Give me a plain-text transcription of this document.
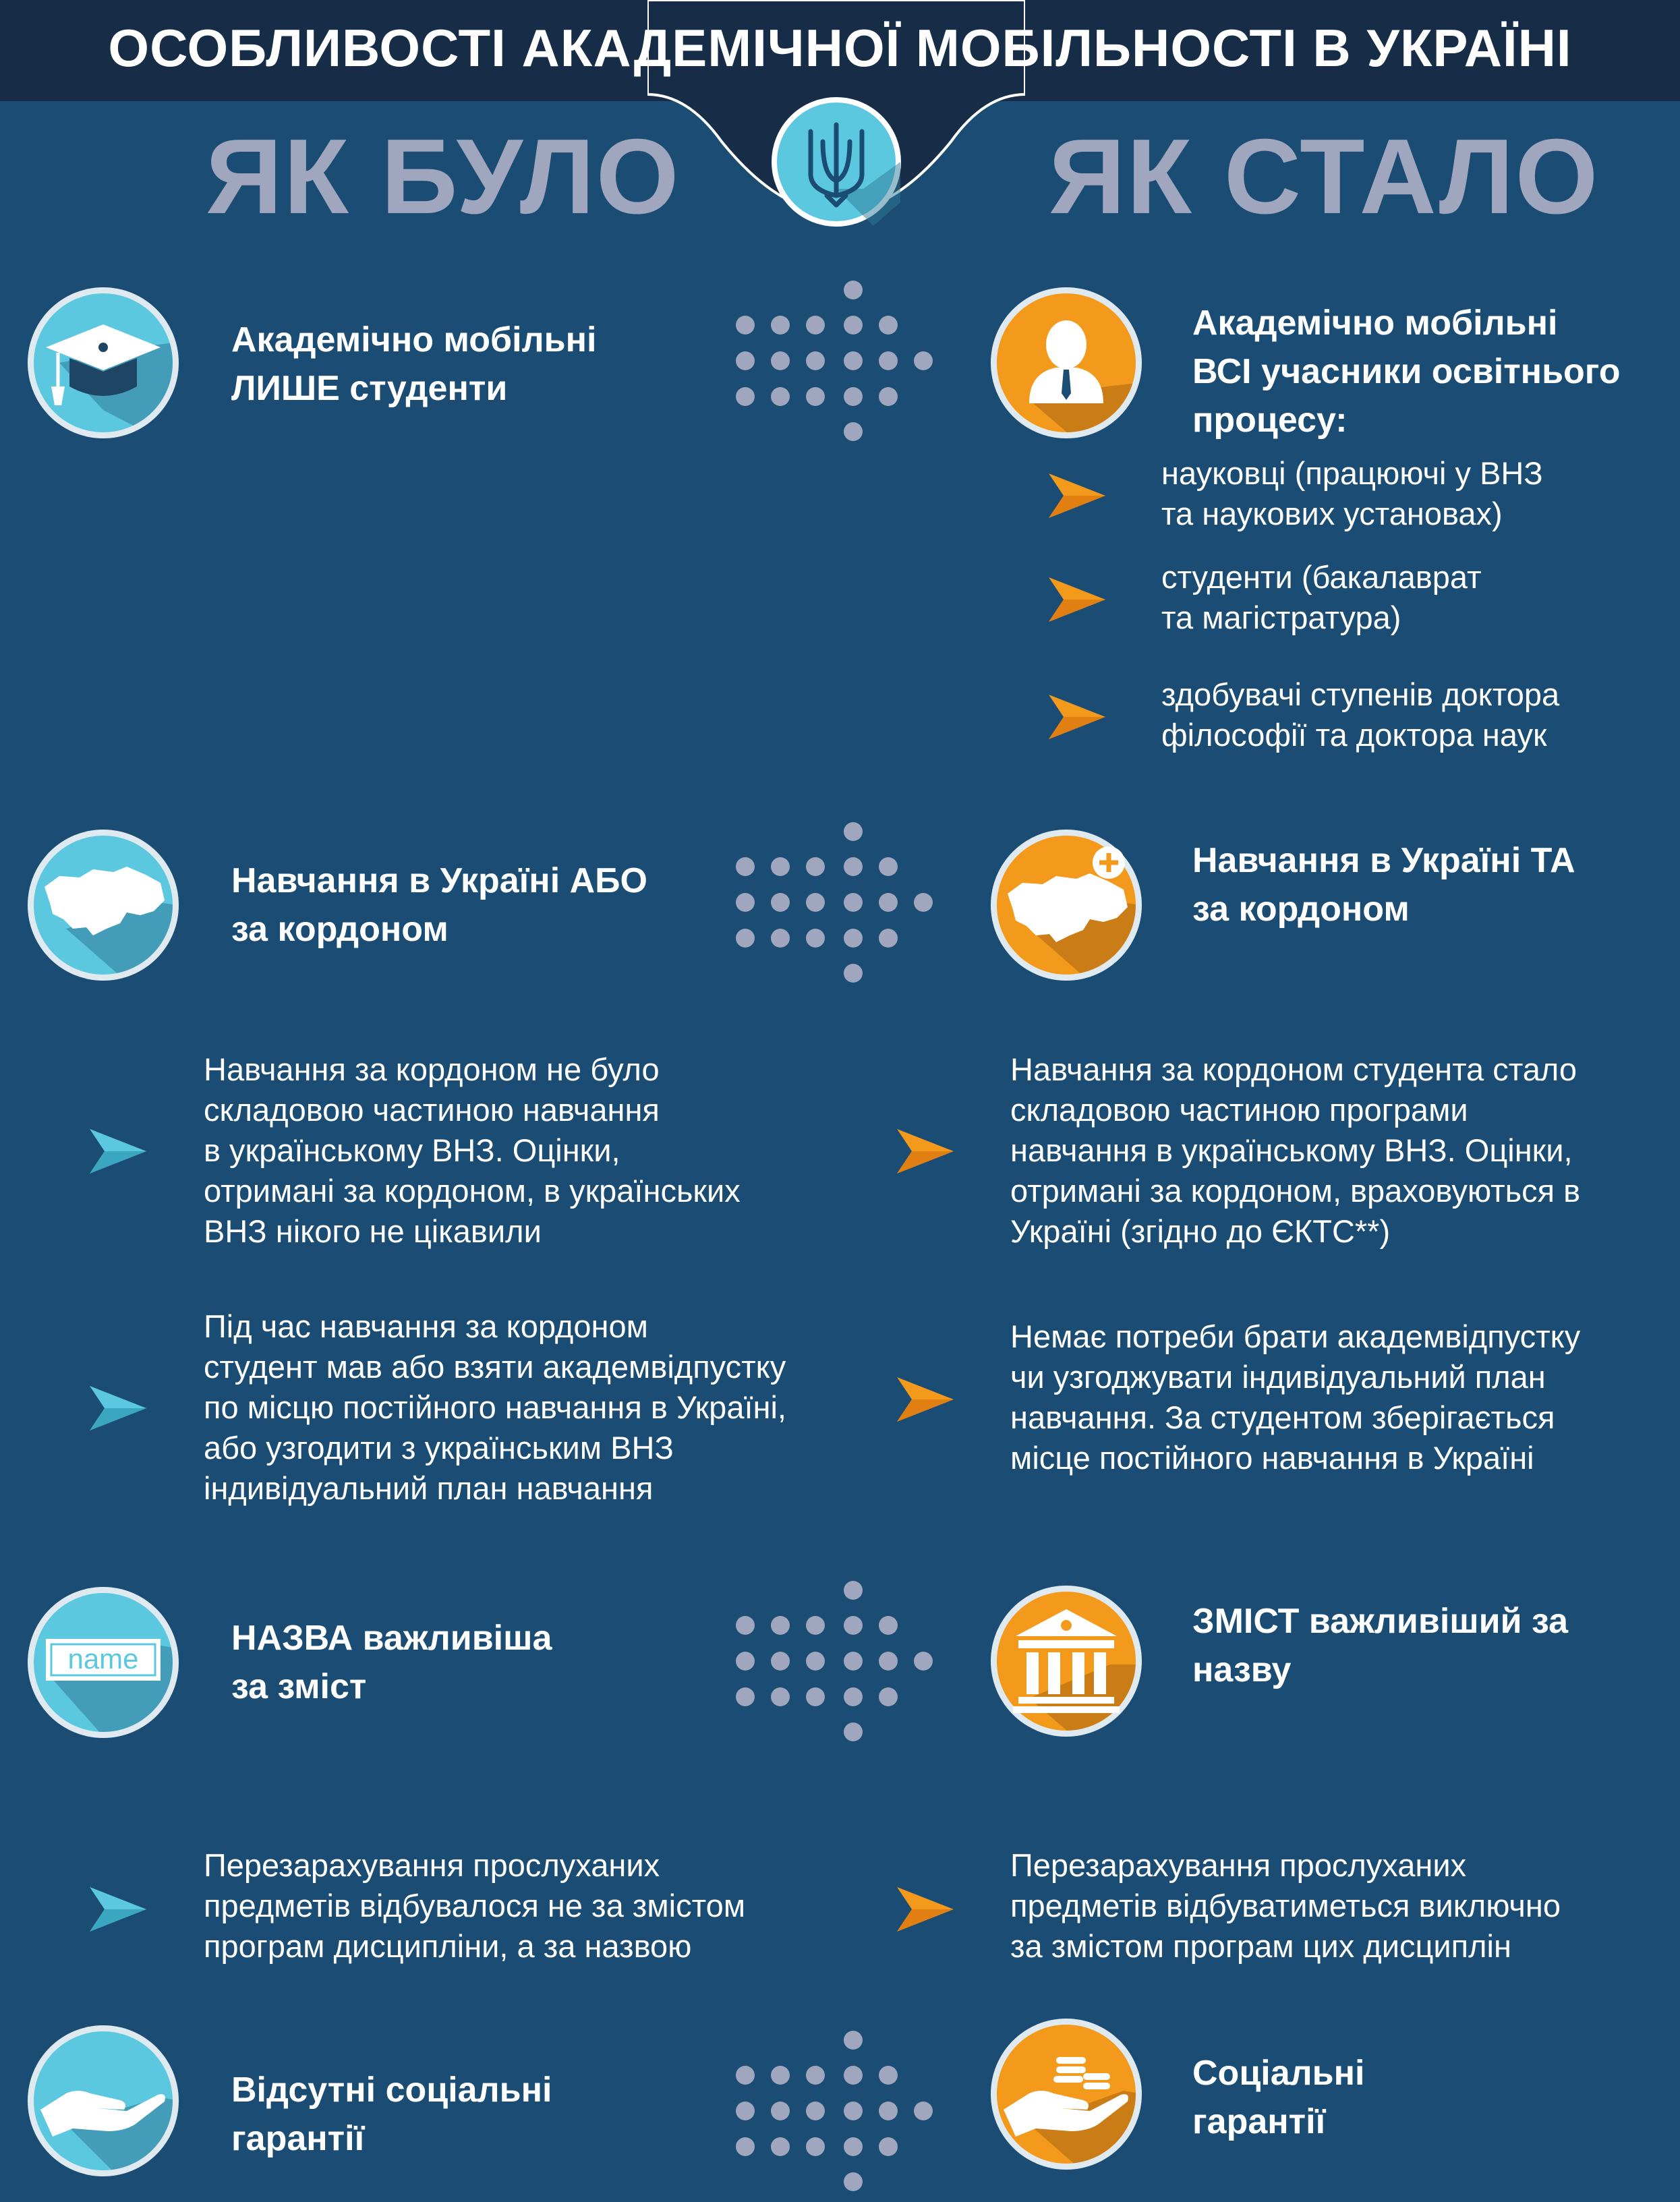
ОСОБЛИВОСТІ АКАДЕМІЧНОЇ МОБІЛЬНОСТІ В УКРАЇНІ
ЯК БУЛО	ЯК СТАЛО
Академічно мобільні
ЛИШЕ студенти
Академічно мобільні
ВСІ учасники освітнього
процесу:
науковці (працюючі у ВНЗ
та наукових установах)
студенти (бакалаврат
та магістратура)
здобувачі ступенів доктора
філософії та доктора наук
Навчання в Україні АБО
за кордоном
Навчання в Україні ТА
за кордоном
Навчання за кордоном не було
складовою частиною навчання
в українському ВНЗ. Оцінки,
отримані за кордоном, в українських
ВНЗ нікого не цікавили
Навчання за кордоном студента стало
складовою частиною програми
навчання в українському ВНЗ. Оцінки,
отримані за кордоном, враховуються в
Україні (згідно до ЄКТС**)
Під час навчання за кордоном
студент мав або взяти академвідпустку
по місцю постійного навчання в Україні,
або узгодити з українським ВНЗ
індивідуальний план навчання
Немає потреби брати академвідпустку
чи узгоджувати індивідуальний план
навчання. За студентом зберігається
місце постійного навчання в Україні
name
НАЗВА важливіша
за зміст
ЗМІСТ важливіший за
назву
Перезарахування прослуханих
предметів відбувалося не за змістом
програм дисципліни, а за назвою
Перезарахування прослуханих
предметів відбуватиметься виключно
за змістом програм цих дисциплін
Відсутні соціальні
гарантії
Соціальні
гарантії
